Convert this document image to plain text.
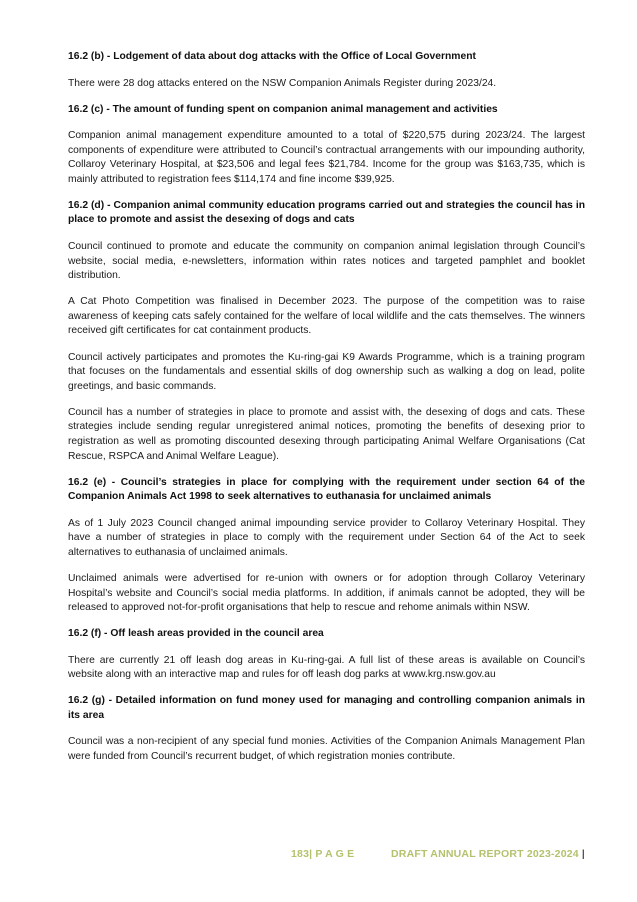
16.2 (b) - Lodgement of data about dog attacks with the Office of Local Government

There were 28 dog attacks entered on the NSW Companion Animals Register during 2023/24.

16.2 (c) - The amount of funding spent on companion animal management and activities

Companion animal management expenditure amounted to a total of $220,575 during 2023/24. The largest components of expenditure were attributed to Council’s contractual arrangements with our impounding authority, Collaroy Veterinary Hospital, at $23,506 and legal fees $21,784. Income for the group was $163,735, which is mainly attributed to registration fees $114,174 and fine income $39,925.

16.2 (d) - Companion animal community education programs carried out and strategies the council has in place to promote and assist the desexing of dogs and cats

Council continued to promote and educate the community on companion animal legislation through Council’s website, social media, e-newsletters, information within rates notices and targeted pamphlet and booklet distribution.

A Cat Photo Competition was finalised in December 2023. The purpose of the competition was to raise awareness of keeping cats safely contained for the welfare of local wildlife and the cats themselves. The winners received gift certificates for cat containment products.

Council actively participates and promotes the Ku-ring-gai K9 Awards Programme, which is a training program that focuses on the fundamentals and essential skills of dog ownership such as walking a dog on lead, polite greetings, and basic commands.

Council has a number of strategies in place to promote and assist with, the desexing of dogs and cats. These strategies include sending regular unregistered animal notices, promoting the benefits of desexing prior to registration as well as promoting discounted desexing through participating Animal Welfare Organisations (Cat Rescue, RSPCA and Animal Welfare League).

16.2 (e) - Council’s strategies in place for complying with the requirement under section 64 of the Companion Animals Act 1998 to seek alternatives to euthanasia for unclaimed animals

As of 1 July 2023 Council changed animal impounding service provider to Collaroy Veterinary Hospital. They have a number of strategies in place to comply with the requirement under Section 64 of the Act to seek alternatives to euthanasia of unclaimed animals.

Unclaimed animals were advertised for re-union with owners or for adoption through Collaroy Veterinary Hospital’s website and Council’s social media platforms. In addition, if animals cannot be adopted, they will be released to approved not-for-profit organisations that help to rescue and rehome animals within NSW.

16.2 (f) - Off leash areas provided in the council area

There are currently 21 off leash dog areas in Ku-ring-gai. A full list of these areas is available on Council’s website along with an interactive map and rules for off leash dog parks at www.krg.nsw.gov.au

16.2 (g) - Detailed information on fund money used for managing and controlling companion animals in its area

Council was a non-recipient of any special fund monies. Activities of the Companion Animals Management Plan were funded from Council’s recurrent budget, of which registration monies contribute.

183| P A G E	DRAFT ANNUAL REPORT 2023-2024 |
